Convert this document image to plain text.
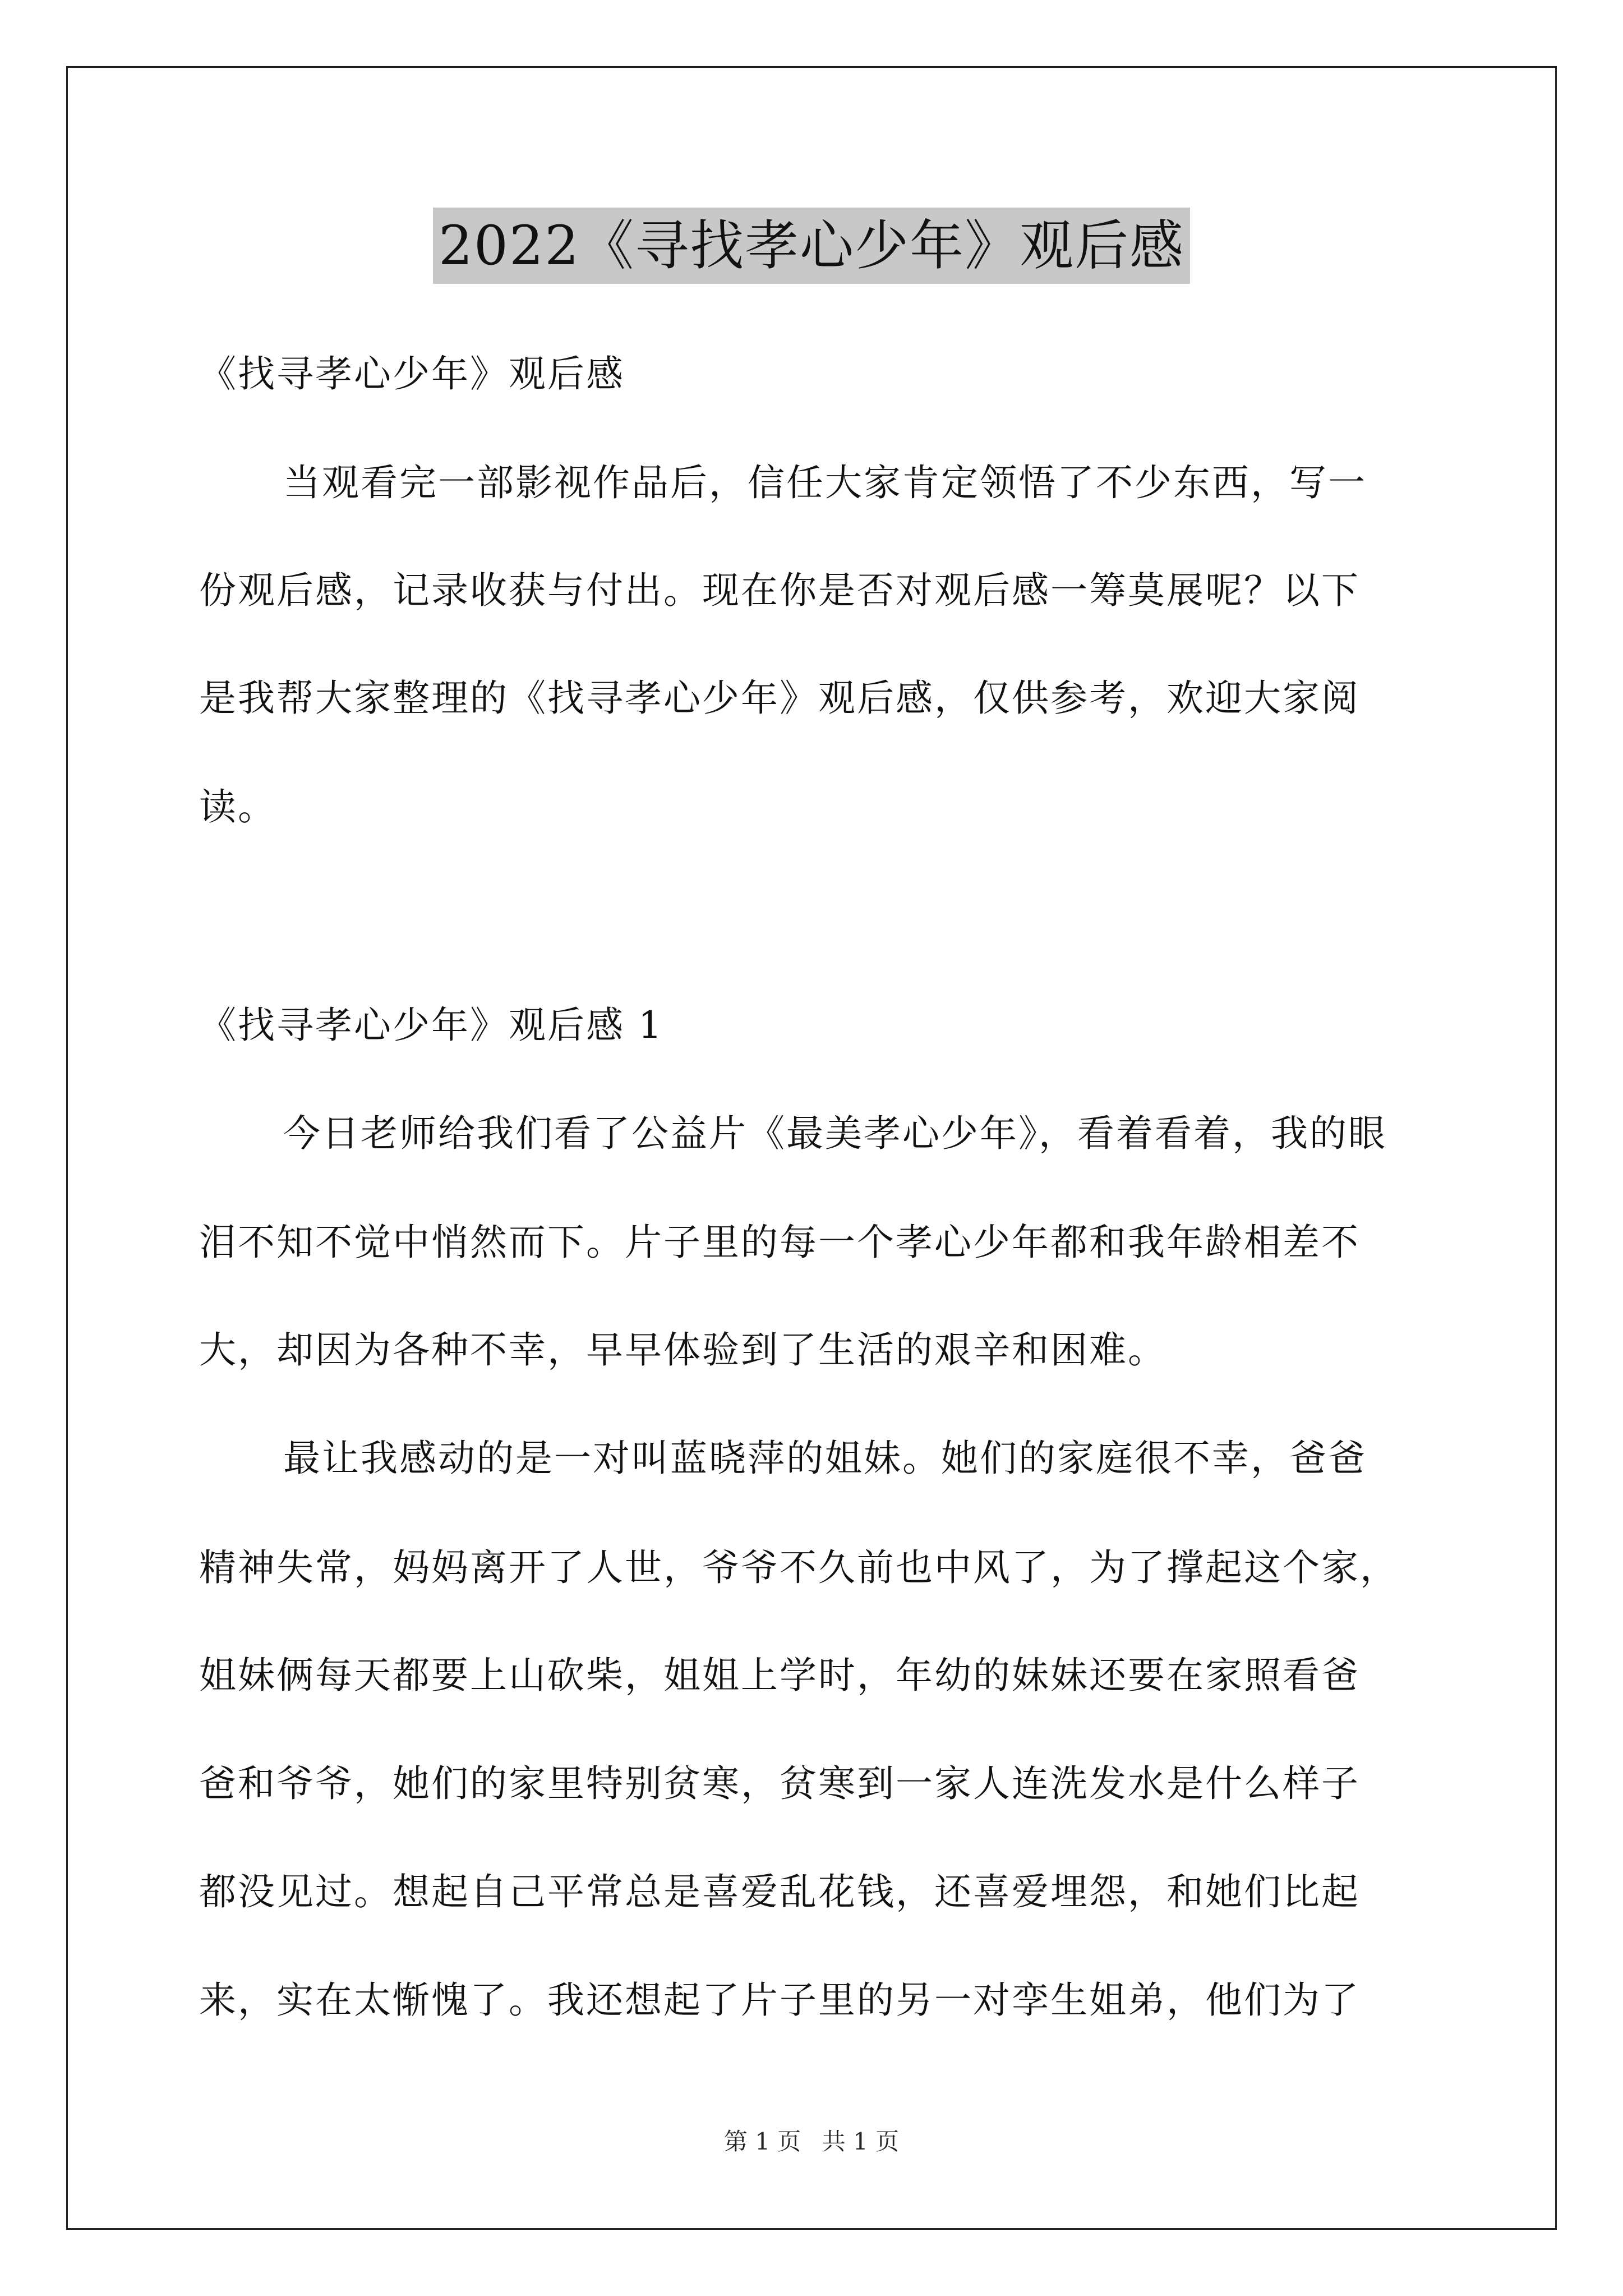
2022《寻找孝心少年》观后感
《找寻孝心少年》观后感
当观看完一部影视作品后，信任大家肯定领悟了不少东西，写一
份观后感，记录收获与付出。现在你是否对观后感一筹莫展呢？以下
是我帮大家整理的《找寻孝心少年》观后感，仅供参考，欢迎大家阅
读。
《找寻孝心少年》观后感 1
今日老师给我们看了公益片《最美孝心少年》，看着看着，我的眼
泪不知不觉中悄然而下。片子里的每一个孝心少年都和我年龄相差不
大，却因为各种不幸，早早体验到了生活的艰辛和困难。
最让我感动的是一对叫蓝晓萍的姐妹。她们的家庭很不幸，爸爸
精神失常，妈妈离开了人世，爷爷不久前也中风了，为了撑起这个家，
姐妹俩每天都要上山砍柴，姐姐上学时，年幼的妹妹还要在家照看爸
爸和爷爷，她们的家里特别贫寒，贫寒到一家人连洗发水是什么样子
都没见过。想起自己平常总是喜爱乱花钱，还喜爱埋怨，和她们比起
来，实在太惭愧了。我还想起了片子里的另一对孪生姐弟，他们为了
第 1 页 共 1 页
